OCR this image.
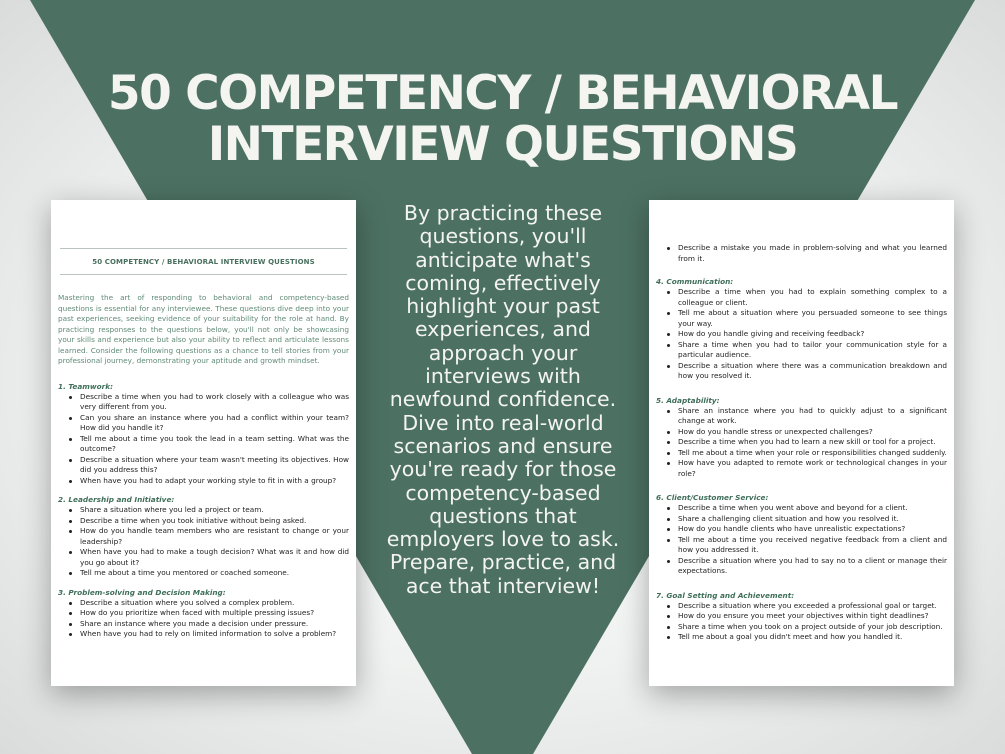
50 COMPETENCY / BEHAVIORAL
INTERVIEW QUESTIONS
By practicing these questions, you'll anticipate what's coming, effectively highlight your past experiences, and approach your interviews with newfound confidence. Dive into real-world scenarios and ensure you're ready for those competency-based questions that employers love to ask. Prepare, practice, and ace that interview!
50 COMPETENCY / BEHAVIORAL INTERVIEW QUESTIONS
Mastering the art of responding to behavioral and competency-based questions is essential for any interviewee. These questions dive deep into your past experiences, seeking evidence of your suitability for the role at hand. By practicing responses to the questions below, you'll not only be showcasing your skills and experience but also your ability to reflect and articulate lessons learned. Consider the following questions as a chance to tell stories from your professional journey, demonstrating your aptitude and growth mindset.
1. Teamwork:
Describe a time when you had to work closely with a colleague who was very different from you.
Can you share an instance where you had a conflict within your team? How did you handle it?
Tell me about a time you took the lead in a team setting. What was the outcome?
Describe a situation where your team wasn't meeting its objectives. How did you address this?
When have you had to adapt your working style to fit in with a group?
2. Leadership and Initiative:
Share a situation where you led a project or team.
Describe a time when you took initiative without being asked.
How do you handle team members who are resistant to change or your leadership?
When have you had to make a tough decision? What was it and how did you go about it?
Tell me about a time you mentored or coached someone.
3. Problem-solving and Decision Making:
Describe a situation where you solved a complex problem.
How do you prioritize when faced with multiple pressing issues?
Share an instance where you made a decision under pressure.
When have you had to rely on limited information to solve a problem?
Describe a mistake you made in problem-solving and what you learned from it.
4. Communication:
Describe a time when you had to explain something complex to a colleague or client.
Tell me about a situation where you persuaded someone to see things your way.
How do you handle giving and receiving feedback?
Share a time when you had to tailor your communication style for a particular audience.
Describe a situation where there was a communication breakdown and how you resolved it.
5. Adaptability:
Share an instance where you had to quickly adjust to a significant change at work.
How do you handle stress or unexpected challenges?
Describe a time when you had to learn a new skill or tool for a project.
Tell me about a time when your role or responsibilities changed suddenly.
How have you adapted to remote work or technological changes in your role?
6. Client/Customer Service:
Describe a time when you went above and beyond for a client.
Share a challenging client situation and how you resolved it.
How do you handle clients who have unrealistic expectations?
Tell me about a time you received negative feedback from a client and how you addressed it.
Describe a situation where you had to say no to a client or manage their expectations.
7. Goal Setting and Achievement:
Describe a situation where you exceeded a professional goal or target.
How do you ensure you meet your objectives within tight deadlines?
Share a time when you took on a project outside of your job description.
Tell me about a goal you didn't meet and how you handled it.
